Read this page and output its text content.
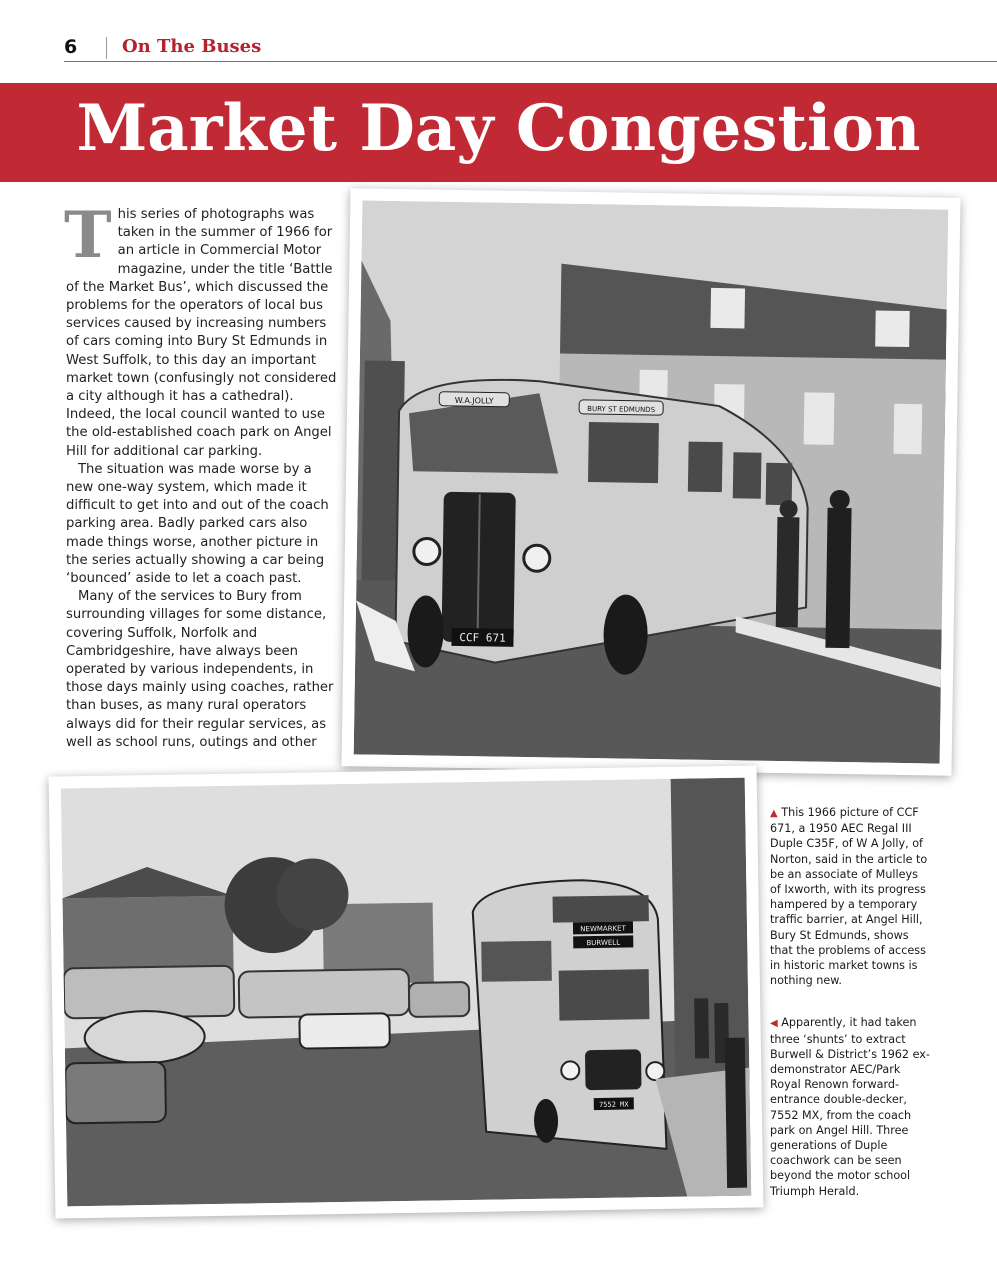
6 On The Buses
Market Day Congestion

This series of photographs was taken in the summer of 1966 for an article in Commercial Motor magazine, under the title ‘Battle of the Market Bus’, which discussed the problems for the operators of local bus services caused by increasing numbers of cars coming into Bury St Edmunds in West Suffolk, to this day an important market town (confusingly not considered a city although it has a cathedral). Indeed, the local council wanted to use the old-established coach park on Angel Hill for additional car parking.

The situation was made worse by a new one-way system, which made it difficult to get into and out of the coach parking area. Badly parked cars also made things worse, another picture in the series actually showing a car being ‘bounced’ aside to let a coach past.

Many of the services to Bury from surrounding villages for some distance, covering Suffolk, Norfolk and Cambridgeshire, have always been operated by various independents, in those days mainly using coaches, rather than buses, as many rural operators always did for their regular services, as well as school runs, outings and other

W.A.JOLLY
BURY ST EDMUNDS
CCF 671
NEWMARKET
BURWELL
7552 MX

▲ This 1966 picture of CCF 671, a 1950 AEC Regal III Duple C35F, of W A Jolly, of Norton, said in the article to be an associate of Mulleys of Ixworth, with its progress hampered by a temporary traffic barrier, at Angel Hill, Bury St Edmunds, shows that the problems of access in historic market towns is nothing new.

◀ Apparently, it had taken three ‘shunts’ to extract Burwell & District’s 1962 ex-demonstrator AEC/Park Royal Renown forward-entrance double-decker, 7552 MX, from the coach park on Angel Hill. Three generations of Duple coachwork can be seen beyond the motor school Triumph Herald.
